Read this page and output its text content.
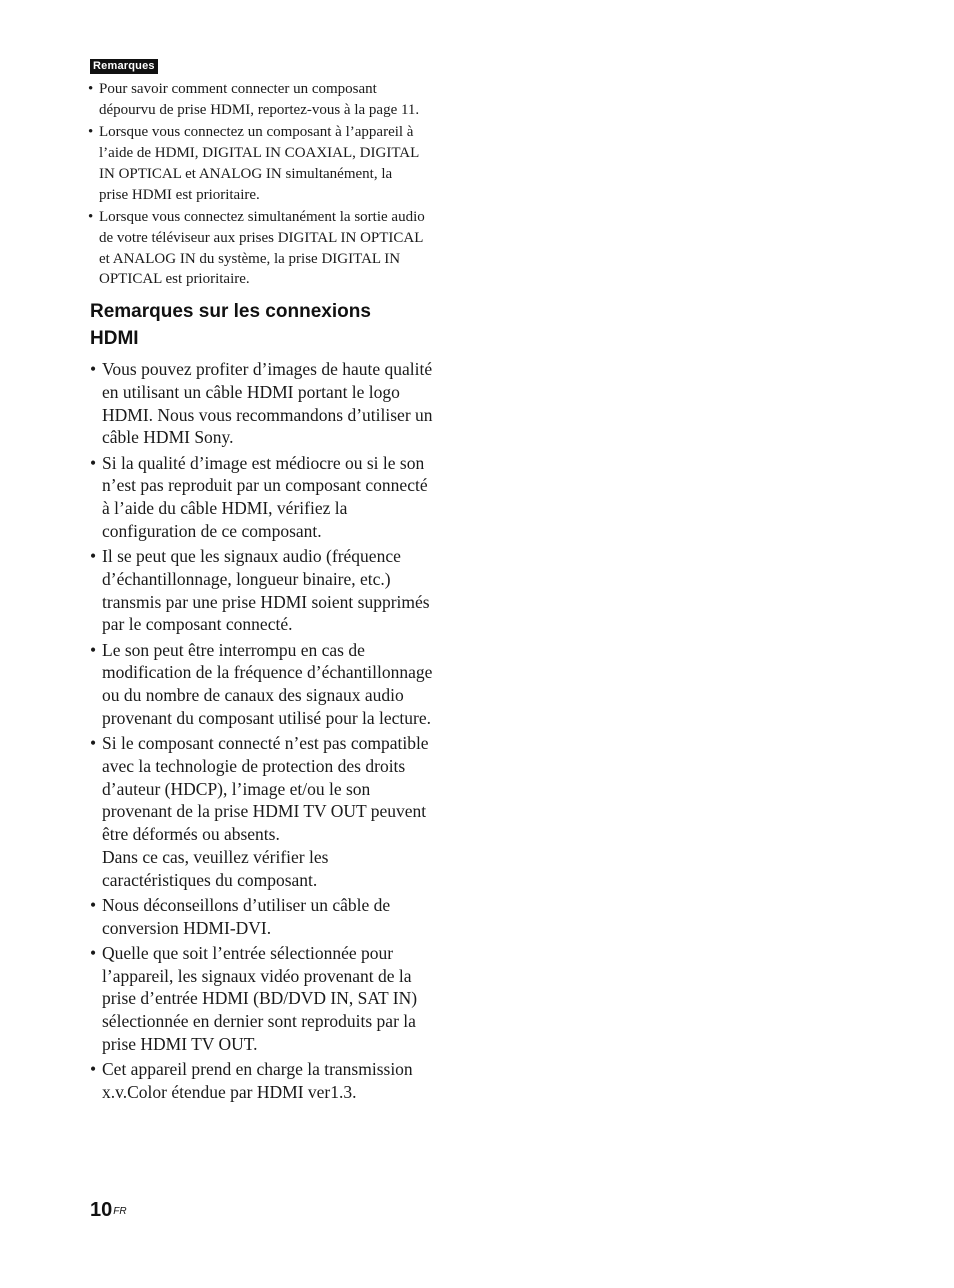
Remarques
• Pour savoir comment connecter un composant
dépourvu de prise HDMI, reportez-vous à la page 11.
• Lorsque vous connectez un composant à l’appareil à
l’aide de HDMI, DIGITAL IN COAXIAL, DIGITAL
IN OPTICAL et ANALOG IN simultanément, la
prise HDMI est prioritaire.
• Lorsque vous connectez simultanément la sortie audio
de votre téléviseur aux prises DIGITAL IN OPTICAL
et ANALOG IN du système, la prise DIGITAL IN
OPTICAL est prioritaire.
Remarques sur les connexions
HDMI
• Vous pouvez profiter d’images de haute qualité
en utilisant un câble HDMI portant le logo
HDMI. Nous vous recommandons d’utiliser un
câble HDMI Sony.
• Si la qualité d’image est médiocre ou si le son
n’est pas reproduit par un composant connecté
à l’aide du câble HDMI, vérifiez la
configuration de ce composant.
• Il se peut que les signaux audio (fréquence
d’échantillonnage, longueur binaire, etc.)
transmis par une prise HDMI soient supprimés
par le composant connecté.
• Le son peut être interrompu en cas de
modification de la fréquence d’échantillonnage
ou du nombre de canaux des signaux audio
provenant du composant utilisé pour la lecture.
• Si le composant connecté n’est pas compatible
avec la technologie de protection des droits
d’auteur (HDCP), l’image et/ou le son
provenant de la prise HDMI TV OUT peuvent
être déformés ou absents.
Dans ce cas, veuillez vérifier les
caractéristiques du composant.
• Nous déconseillons d’utiliser un câble de
conversion HDMI-DVI.
• Quelle que soit l’entrée sélectionnée pour
l’appareil, les signaux vidéo provenant de la
prise d’entrée HDMI (BD/DVD IN, SAT IN)
sélectionnée en dernier sont reproduits par la
prise HDMI TV OUT.
• Cet appareil prend en charge la transmission
x.v.Color étendue par HDMI ver1.3.
$10^{FR}$
